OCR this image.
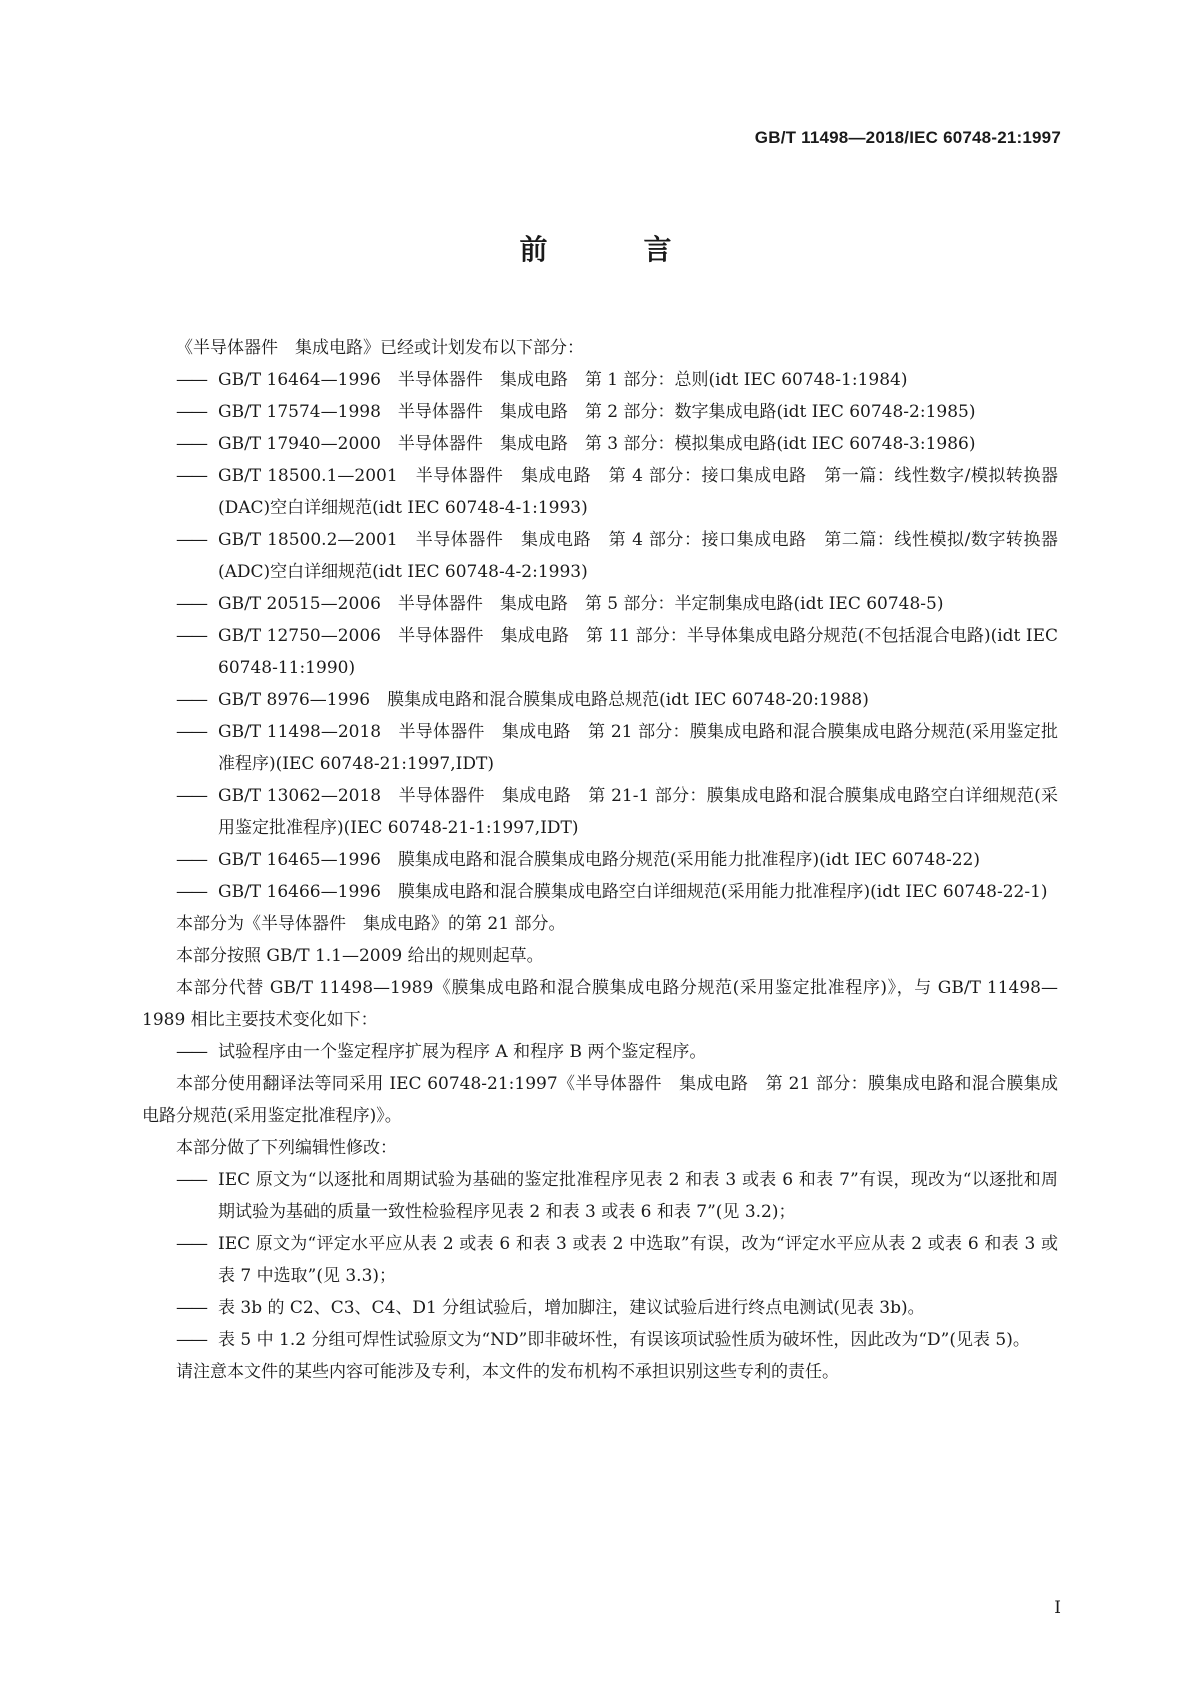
GB/T 11498—2018/IEC 60748-21:1997
前　言
《半导体器件　集成电路》已经或计划发布以下部分：
—— GB/T 16464—1996　半导体器件　集成电路　第 1 部分：总则(idt IEC 60748-1:1984)
—— GB/T 17574—1998　半导体器件　集成电路　第 2 部分：数字集成电路(idt IEC 60748-2:1985)
—— GB/T 17940—2000　半导体器件　集成电路　第 3 部分：模拟集成电路(idt IEC 60748-3:1986)
—— GB/T 18500.1—2001　半导体器件　集成电路　第 4 部分：接口集成电路　第一篇：线性数字/模拟转换器(DAC)空白详细规范(idt IEC 60748-4-1:1993)
—— GB/T 18500.2—2001　半导体器件　集成电路　第 4 部分：接口集成电路　第二篇：线性模拟/数字转换器(ADC)空白详细规范(idt IEC 60748-4-2:1993)
—— GB/T 20515—2006　半导体器件　集成电路　第 5 部分：半定制集成电路(idt IEC 60748-5)
—— GB/T 12750—2006　半导体器件　集成电路　第 11 部分：半导体集成电路分规范(不包括混合电路)(idt IEC 60748-11:1990)
—— GB/T 8976—1996　膜集成电路和混合膜集成电路总规范(idt IEC 60748-20:1988)
—— GB/T 11498—2018　半导体器件　集成电路　第 21 部分：膜集成电路和混合膜集成电路分规范(采用鉴定批准程序)(IEC 60748-21:1997,IDT)
—— GB/T 13062—2018　半导体器件　集成电路　第 21-1 部分：膜集成电路和混合膜集成电路空白详细规范(采用鉴定批准程序)(IEC 60748-21-1:1997,IDT)
—— GB/T 16465—1996　膜集成电路和混合膜集成电路分规范(采用能力批准程序)(idt IEC 60748-22)
—— GB/T 16466—1996　膜集成电路和混合膜集成电路空白详细规范(采用能力批准程序)(idt IEC 60748-22-1)
本部分为《半导体器件　集成电路》的第 21 部分。
本部分按照 GB/T 1.1—2009 给出的规则起草。
本部分代替 GB/T 11498—1989《膜集成电路和混合膜集成电路分规范(采用鉴定批准程序)》，与 GB/T 11498—1989 相比主要技术变化如下：
—— 试验程序由一个鉴定程序扩展为程序 A 和程序 B 两个鉴定程序。
本部分使用翻译法等同采用 IEC 60748-21:1997《半导体器件　集成电路　第 21 部分：膜集成电路和混合膜集成电路分规范(采用鉴定批准程序)》。
本部分做了下列编辑性修改：
—— IEC 原文为“以逐批和周期试验为基础的鉴定批准程序见表 2 和表 3 或表 6 和表 7”有误，现改为“以逐批和周期试验为基础的质量一致性检验程序见表 2 和表 3 或表 6 和表 7”(见 3.2)；
—— IEC 原文为“评定水平应从表 2 或表 6 和表 3 或表 2 中选取”有误，改为“评定水平应从表 2 或表 6 和表 3 或表 7 中选取”(见 3.3)；
—— 表 3b 的 C2、C3、C4、D1 分组试验后，增加脚注，建议试验后进行终点电测试(见表 3b)。
—— 表 5 中 1.2 分组可焊性试验原文为“ND”即非破坏性，有误该项试验性质为破坏性，因此改为“D”(见表 5)。
请注意本文件的某些内容可能涉及专利，本文件的发布机构不承担识别这些专利的责任。
I
